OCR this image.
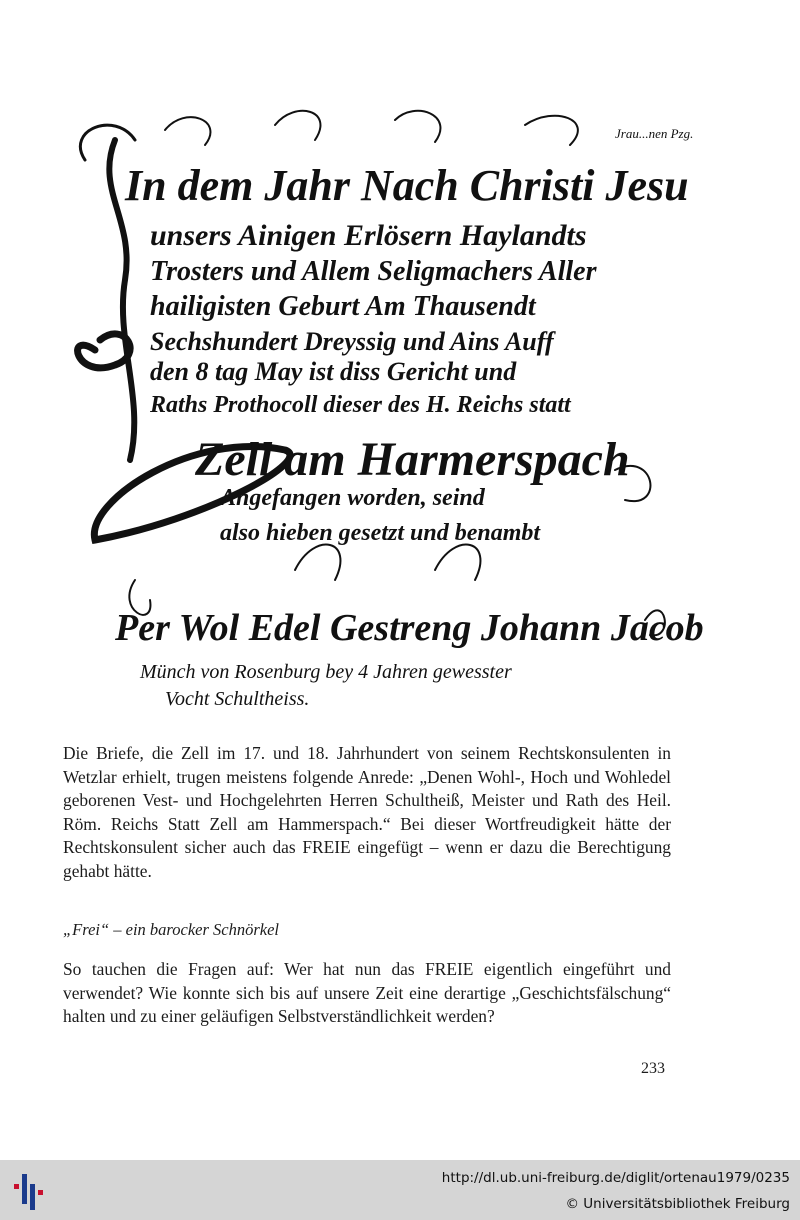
Jrau...nen Pzg.
In dem Jahr Nach Christi Jesu
unsers Ainigen Erlösern Haylandts
Trosters und Allem Seligmachers Aller
hailigisten Geburt Am Thausendt
Sechshundert Dreyssig und Ains Auff
den 8 tag May ist diss Gericht und
Raths Prothocoll dieser des H. Reichs statt
Zell am Harmerspach
Angefangen worden, seind
also hieben gesetzt und benambt
Per Wol Edel Gestreng Johann Jacob
Münch von Rosenburg bey 4 Jahren gewesster
Vocht Schultheiss.

Die Briefe, die Zell im 17. und 18. Jahrhundert von seinem Rechtskonsulenten in Wetzlar erhielt, trugen meistens folgende Anrede: „Denen Wohl-, Hoch und Wohledel geborenen Vest- und Hochgelehrten Herren Schultheiß, Meister und Rath des Heil. Röm. Reichs Statt Zell am Hammerspach.“ Bei dieser Wortfreudigkeit hätte der Rechtskonsulent sicher auch das FREIE eingefügt – wenn er dazu die Berechtigung gehabt hätte.

„Frei“ – ein barocker Schnörkel

So tauchen die Fragen auf: Wer hat nun das FREIE eigentlich eingeführt und verwendet? Wie konnte sich bis auf unsere Zeit eine derartige „Geschichtsfälschung“ halten und zu einer geläufigen Selbstverständlichkeit werden?

233
http://dl.ub.uni-freiburg.de/diglit/ortenau1979/0235
© Universitätsbibliothek Freiburg
